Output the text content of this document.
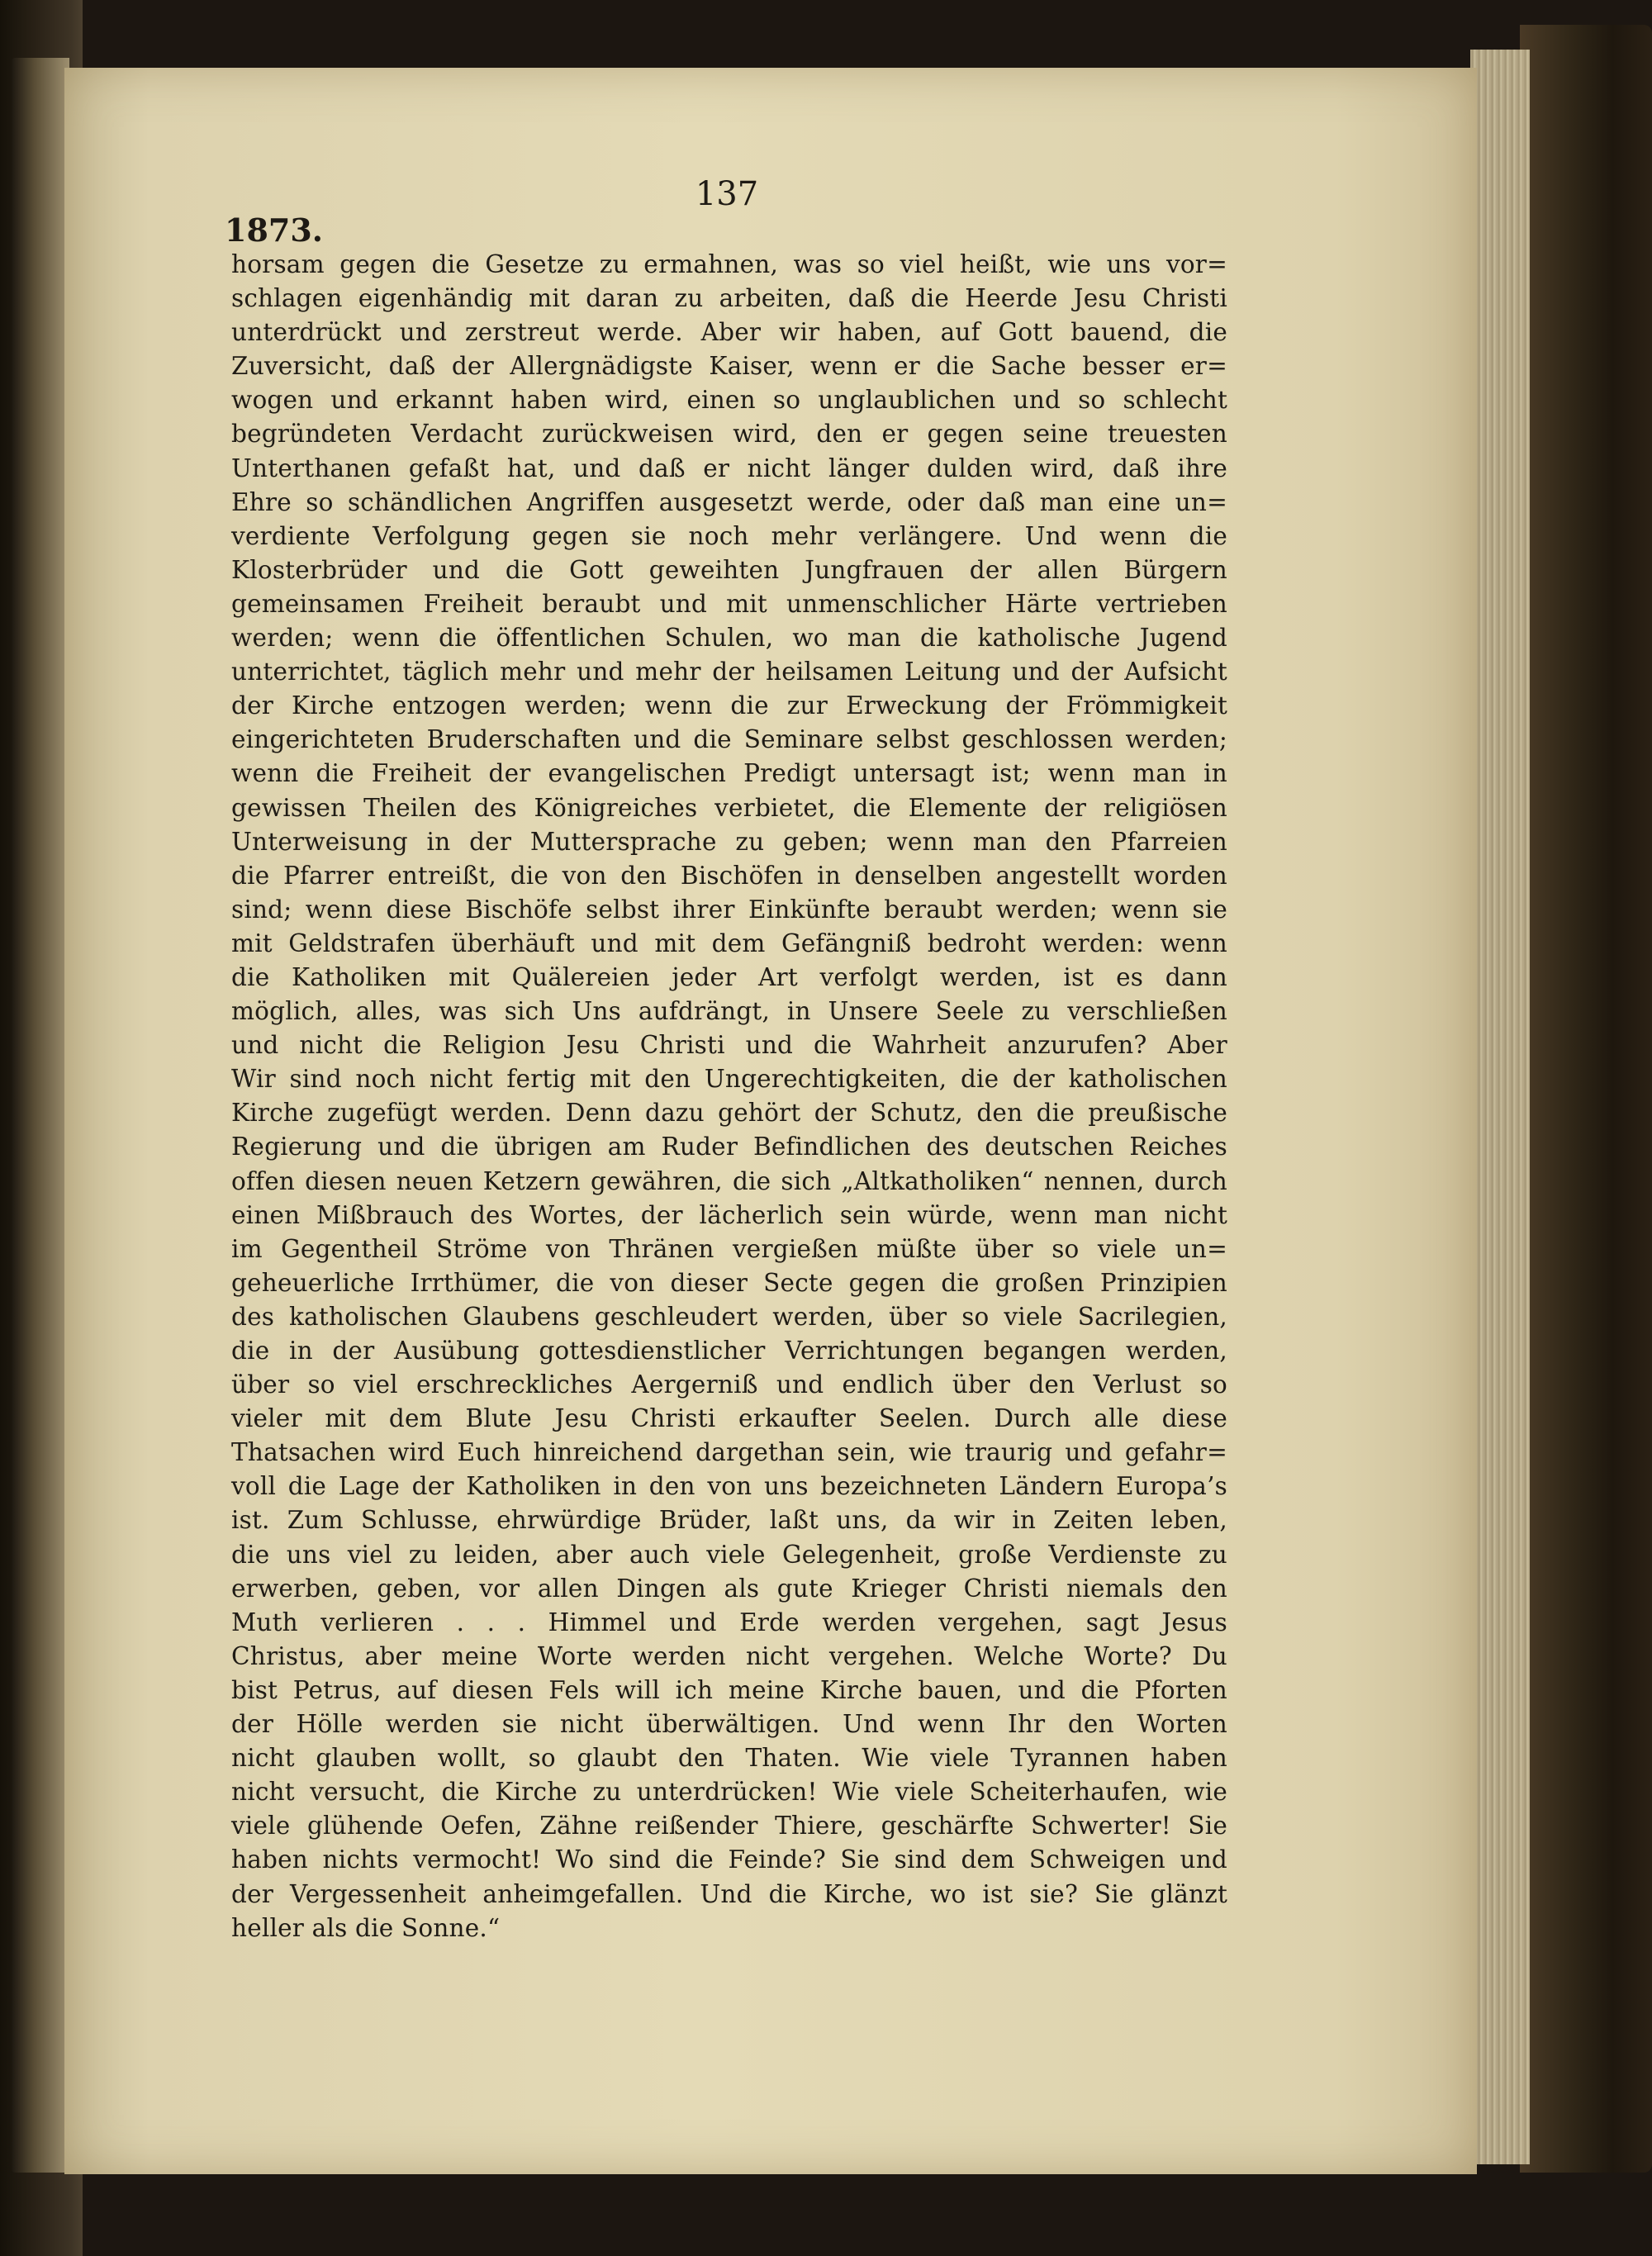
137
1873.
horsam gegen die Gesetze zu ermahnen, was so viel heißt, wie uns vor=
schlagen eigenhändig mit daran zu arbeiten, daß die Heerde Jesu Christi
unterdrückt und zerstreut werde. Aber wir haben, auf Gott bauend, die
Zuversicht, daß der Allergnädigste Kaiser, wenn er die Sache besser er=
wogen und erkannt haben wird, einen so unglaublichen und so schlecht
begründeten Verdacht zurückweisen wird, den er gegen seine treuesten
Unterthanen gefaßt hat, und daß er nicht länger dulden wird, daß ihre
Ehre so schändlichen Angriffen ausgesetzt werde, oder daß man eine un=
verdiente Verfolgung gegen sie noch mehr verlängere. Und wenn die
Klosterbrüder und die Gott geweihten Jungfrauen der allen Bürgern
gemeinsamen Freiheit beraubt und mit unmenschlicher Härte vertrieben
werden; wenn die öffentlichen Schulen, wo man die katholische Jugend
unterrichtet, täglich mehr und mehr der heilsamen Leitung und der Aufsicht
der Kirche entzogen werden; wenn die zur Erweckung der Frömmigkeit
eingerichteten Bruderschaften und die Seminare selbst geschlossen werden;
wenn die Freiheit der evangelischen Predigt untersagt ist; wenn man in
gewissen Theilen des Königreiches verbietet, die Elemente der religiösen
Unterweisung in der Muttersprache zu geben; wenn man den Pfarreien
die Pfarrer entreißt, die von den Bischöfen in denselben angestellt worden
sind; wenn diese Bischöfe selbst ihrer Einkünfte beraubt werden; wenn sie
mit Geldstrafen überhäuft und mit dem Gefängniß bedroht werden: wenn
die Katholiken mit Quälereien jeder Art verfolgt werden, ist es dann
möglich, alles, was sich Uns aufdrängt, in Unsere Seele zu verschließen
und nicht die Religion Jesu Christi und die Wahrheit anzurufen? Aber
Wir sind noch nicht fertig mit den Ungerechtigkeiten, die der katholischen
Kirche zugefügt werden. Denn dazu gehört der Schutz, den die preußische
Regierung und die übrigen am Ruder Befindlichen des deutschen Reiches
offen diesen neuen Ketzern gewähren, die sich „Altkatholiken“ nennen, durch
einen Mißbrauch des Wortes, der lächerlich sein würde, wenn man nicht
im Gegentheil Ströme von Thränen vergießen müßte über so viele un=
geheuerliche Irrthümer, die von dieser Secte gegen die großen Prinzipien
des katholischen Glaubens geschleudert werden, über so viele Sacrilegien,
die in der Ausübung gottesdienstlicher Verrichtungen begangen werden,
über so viel erschreckliches Aergerniß und endlich über den Verlust so
vieler mit dem Blute Jesu Christi erkaufter Seelen. Durch alle diese
Thatsachen wird Euch hinreichend dargethan sein, wie traurig und gefahr=
voll die Lage der Katholiken in den von uns bezeichneten Ländern Europa’s
ist. Zum Schlusse, ehrwürdige Brüder, laßt uns, da wir in Zeiten leben,
die uns viel zu leiden, aber auch viele Gelegenheit, große Verdienste zu
erwerben, geben, vor allen Dingen als gute Krieger Christi niemals den
Muth verlieren . . . Himmel und Erde werden vergehen, sagt Jesus
Christus, aber meine Worte werden nicht vergehen. Welche Worte? Du
bist Petrus, auf diesen Fels will ich meine Kirche bauen, und die Pforten
der Hölle werden sie nicht überwältigen. Und wenn Ihr den Worten
nicht glauben wollt, so glaubt den Thaten. Wie viele Tyrannen haben
nicht versucht, die Kirche zu unterdrücken! Wie viele Scheiterhaufen, wie
viele glühende Oefen, Zähne reißender Thiere, geschärfte Schwerter! Sie
haben nichts vermocht! Wo sind die Feinde? Sie sind dem Schweigen und
der Vergessenheit anheimgefallen. Und die Kirche, wo ist sie? Sie glänzt
heller als die Sonne.“
